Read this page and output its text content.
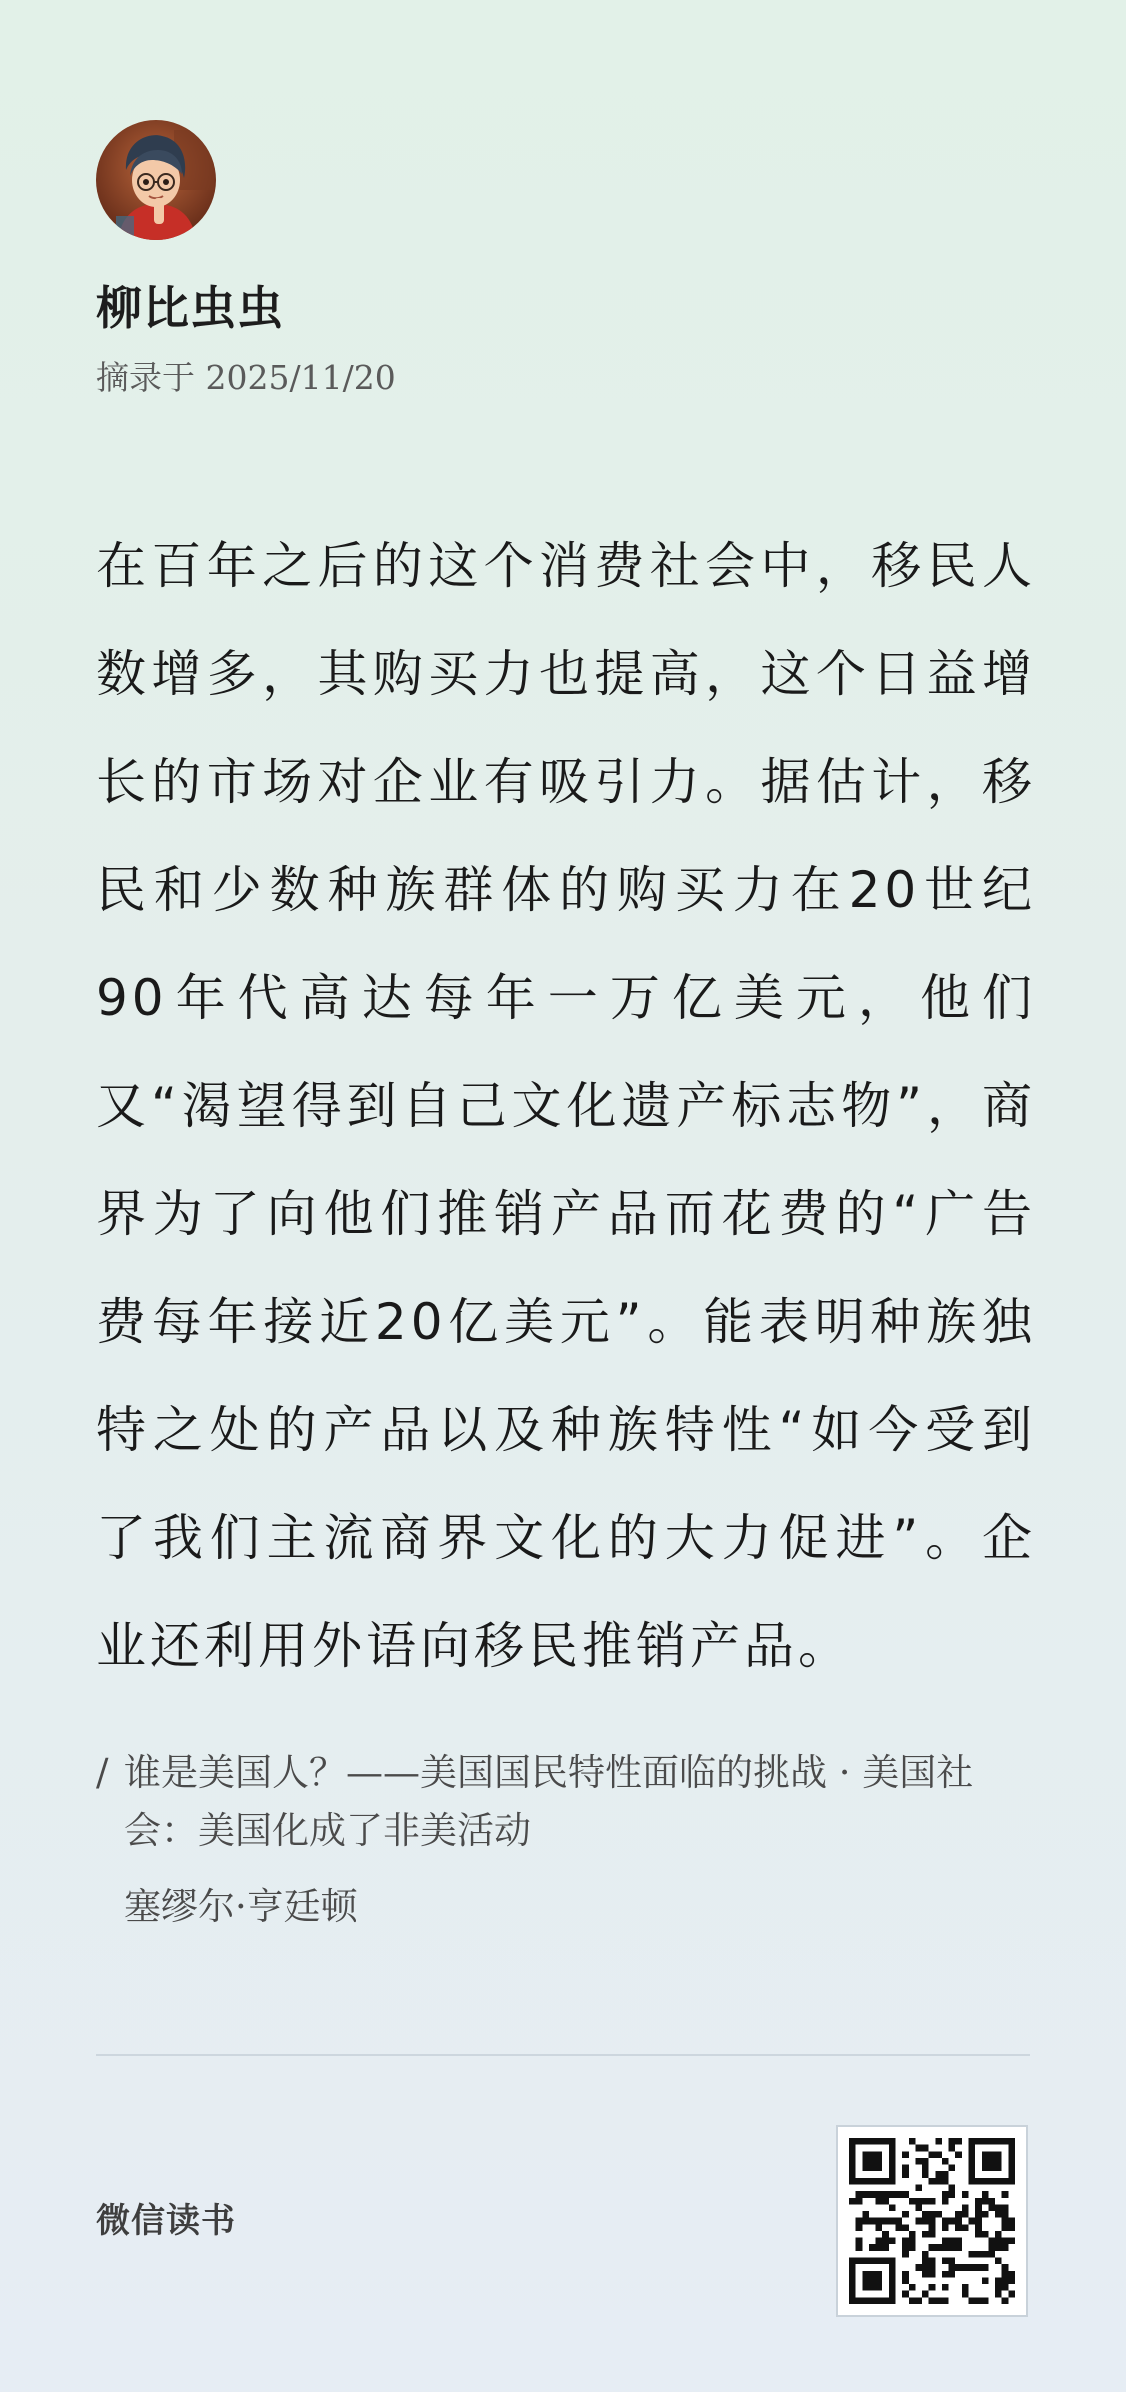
柳比虫虫
摘录于 2025/11/20

在百年之后的这个消费社会中，移民人数增多，其购买力也提高，这个日益增长的市场对企业有吸引力。据估计，移民和少数种族群体的购买力在20世纪90年代高达每年一万亿美元，他们又“渴望得到自己文化遗产标志物”，商界为了向他们推销产品而花费的“广告费每年接近20亿美元”。能表明种族独特之处的产品以及种族特性“如今受到了我们主流商界文化的大力促进”。企业还利用外语向移民推销产品。

/ 谁是美国人？——美国国民特性面临的挑战 · 美国社会：美国化成了非美活动
塞缪尔·亨廷顿
微信读书
